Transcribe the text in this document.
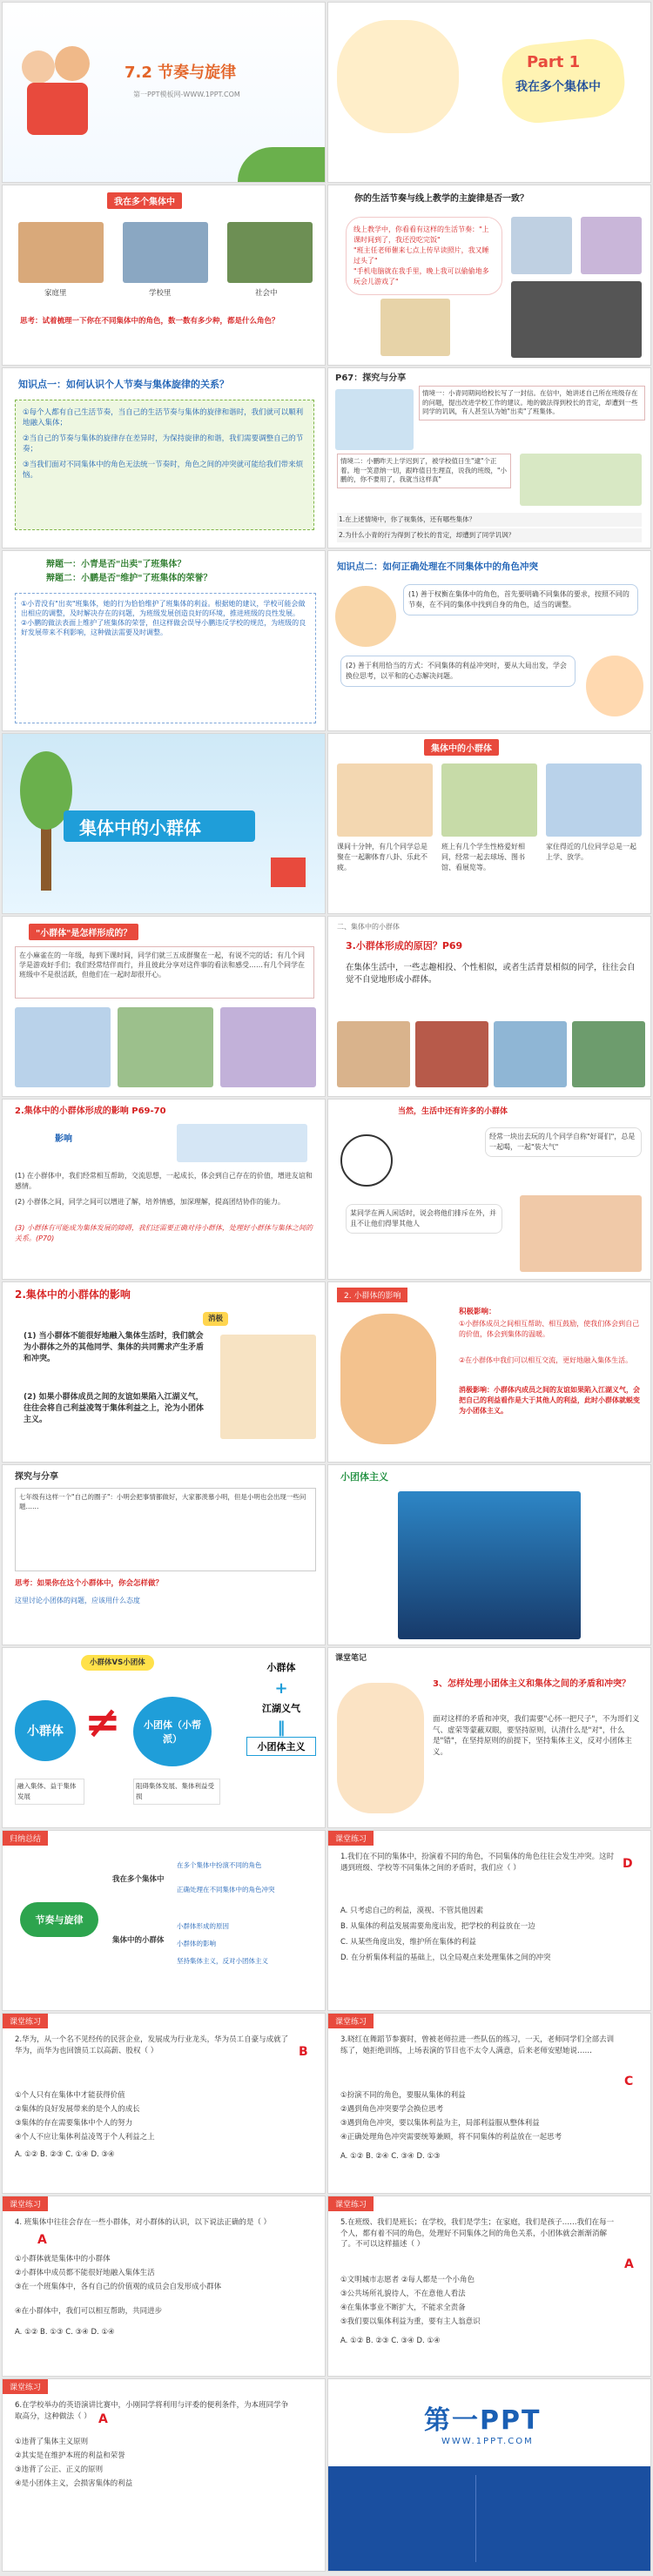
7.2 节奏与旋律
第一PPT模板网-WWW.1PPT.COM
Part 1
我在多个集体中
我在多个集体中
家庭里	学校里	社会中
思考：试着梳理一下你在不同集体中的角色，数一数有多少种，都是什么角色？
你的生活节奏与线上教学的主旋律是否一致？
线上教学中，你看看有这样的生活节奏："上课时间到了，我还没吃完饭"
"班主任老师催来七点上传早读照片，我又睡过头了"
"手机电脑就在我手里，晚上我可以偷偷地多玩会儿游戏了"
知识点一：如何认识个人节奏与集体旋律的关系？
①每个人都有自己生活节奏，当自己的生活节奏与集体的旋律和谐时，我们就可以顺利地融入集体；
②当自己的节奏与集体的旋律存在差异时，为保持旋律的和谐，我们需要调整自己的节奏；
③当我们面对不同集体中的角色无法统一节奏时，角色之间的冲突就可能给我们带来烦恼。
P67：探究与分享
情境一：小青同期间给校长写了一封信。在信中，她讲述自己所在班级存在的问题，提出改进学校工作的建议。地的做法得到校长的肯定，却遭到一些同学的讥讽，有人甚至认为她"出卖"了班集体。
情境二：小鹏昨天上学迟到了，被学校值日生"逮"个正着。地一笑意纳一切，跟昨值日生理直，说我的班级，"小鹏的，你不要用了，我就当这样真"
1.在上述情境中，你了视集体，还有哪些集体？
2.为什么小青的行为得到了校长的肯定，却遭到了同学讥讽？
辩题一：小青是否"出卖"了班集体？
辩题二：小鹏是否"维护"了班集体的荣誉？
①小青没有"出卖"班集体，她的行为恰恰维护了班集体的利益。根据她的建议，学校可能会做出相应的调整，及时解决存在的问题，为班级发展创造良好的环境，推进班级的良性发展。
②小鹏的做法表面上维护了班集体的荣誉，但这样做会误导小鹏违反学校的规范，为班级的良好发展带来不利影响，这种做法需要及时调整。
知识点二：如何正确处理在不同集体中的角色冲突
(1) 善于权衡在集体中的角色，首先要明确不同集体的要求，按照不同的节奏，在不同的集体中找到自身的角色，适当的调整。
(2) 善于利用恰当的方式：不同集体的利益冲突时，要从大局出发，学会换位思考，以平和的心态解决问题。
集体中的小群体
集体中的小群体
课间十分钟，有几个同学总是聚在一起聊体育八卦、乐此不疲。
班上有几个学生性格爱好相同，经常一起去球场、图书馆、看展览等。
家住得近的几位同学总是一起上学、放学。
"小群体"是怎样形成的？
在小麻雀在的一年级，每到下课时间，同学们就三五成群聚在一起，有说不完的话；有几个同学是游戏好手们；我们经常结伴而行，并且彼此分享对这件事的看法和感受……有几个同学在班级中不是很活跃，但他们在一起时却很开心。
二、集体中的小群体
3.小群体形成的原因？P69
在集体生活中，一些志趣相投、个性相似，或者生活背景相似的同学，往往会自觉不自觉地形成小群体。
2.集体中的小群体形成的影响 P69-70
影响
(1) 在小群体中，我们经常相互帮助，交流思想，一起成长，体会到自己存在的价值，增进友谊和感情。
(2) 小群体之间，同学之间可以增进了解，培养情感，加深理解，提高团结协作的能力。
(3) 小群体有可能成为集体发展的障碍，我们还需要正确对待小群体，处理好小群体与集体之间的关系。(P70)
当然，生活中还有许多的小群体
经常一块出去玩的几个同学自称"好哥们"，总是一起喝，一起"装大气"
某同学在两人闲话时，说会将他们排斥在外，并且不让他们得罪其他人
2.集体中的小群体的影响
消极
(1) 当小群体不能很好地融入集体生活时，我们就会为小群体之外的其他同学、集体的共同需求产生矛盾和冲突。
(2) 如果小群体成员之间的友谊如果陷入江湖义气，往往会将自己利益凌驾于集体利益之上，沦为小团体主义。
2. 小群体的影响
积极影响：
①小群体成员之间相互帮助、相互鼓励，使我们体会到自己的价值，体会到集体的温暖。
②在小群体中我们可以相互交流，更好地融入集体生活。
消极影响：小群体内成员之间的友谊如果陷入江湖义气，会把自己的利益看作是大于其他人的利益，此时小群体就蜕变为小团体主义。
探究与分享
七年级有这样一个"自己的圈子"：小明会把事情都做好，大家都羡慕小明，但是小明也会出现一些问题……
思考：如果你在这个小群体中，你会怎样做？
这里讨论小团体的问题，应该用什么态度
小团体主义
小群体VS小团体
小群体 ≠	小团体（小帮派）
融入集体、益于集体发展
阻碍集体发展、集体利益受损
小群体
+
江湖义气
‖
小团体主义
课堂笔记
3、怎样处理小团体主义和集体之间的矛盾和冲突？
面对这样的矛盾和冲突，我们需要"心怀一把尺子"，不为哥们义气、虚荣等蒙蔽双眼，要坚持原则，认清什么是"对"，什么是"错"，在坚持原则的前提下，坚持集体主义，反对小团体主义。
归纳总结
节奏与旋律
我在多个集体中
集体中的小群体
在多个集体中扮演不同的角色
正确处理在不同集体中的角色冲突
小群体形成的原因
小群体的影响
坚持集体主义，反对小团体主义
课堂练习
1.我们在不同的集体中，扮演着不同的角色，不同集体的角色往往会发生冲突。这时遇到班级、学校等不同集体之间的矛盾时，我们应（ ）	D
A. 只考虑自己的利益，漠视、不管其他因素
B. 从集体的利益发展需要角度出发，把学校的利益放在一边
C. 从某些角度出发，维护所在集体的利益
D. 在分析集体利益的基础上，以全局观点来处理集体之间的冲突
课堂练习
2.华为，从一个名不见经传的民营企业，发展成为行业龙头，华为员工自豪与成就了华为，而华为也回馈员工以高薪、股权（ ）	B
①个人只有在集体中才能获得价值
②集体的良好发展带来的是个人的成长
③集体的存在需要集体中个人的努力
④个人不应让集体利益凌驾于个人利益之上
A. ①② B. ②③ C. ①④ D. ③④
课堂练习
3.晓红在舞蹈节参赛时，曾被老师拉进一些队伍的练习，一天，老师同学们全部去训练了，她拒绝训练，上场表演的节目也不太令人满意，后来老师安慰她说……
C
①扮演不同的角色，要服从集体的利益
②遇到角色冲突要学会换位思考
③遇到角色冲突，要以集体利益为主，局部利益服从整体利益
④正确处理角色冲突需要统筹兼顾，将不同集体的利益放在一起思考
A. ①② B. ②④ C. ③④ D. ①③
课堂练习
4. 班集体中往往会存在一些小群体，对小群体的认识，以下说法正确的是（ ）
A
①小群体就是集体中的小群体
②小群体中成员都不能很好地融入集体生活
③在一个班集体中，各有自己的价值观的成员会自发形成小群体
④在小群体中，我们可以相互帮助，共同进步
A. ①② B. ①③ C. ③④ D. ①④
课堂练习
5.在班级、我们是班长；在学校，我们是学生；在家庭，我们是孩子……我们在每一个人，都有着不同的角色，处理好不同集体之间的角色关系，小团体就会渐渐消解了。不可以这样描述（ ）
A
①文明城市志愿者 ②每人都是一个小角色
③公共场所礼貌待人，不在意他人看法
④在集体事业不断扩大，不能求全责备
⑤我们要以集体利益为重，要有主人翁意识
A. ①② B. ②③ C. ③④ D. ①④
课堂练习
6.在学校举办的英语演讲比赛中，小刚同学将利用与评委的便利条件，为本班同学争取高分，这种做法（ ） A
①违背了集体主义原则
②其实是在维护本班的利益和荣誉
③违背了公正、正义的原则
④是小团体主义，会损害集体的利益
第一PPT
WWW.1PPT.COM
